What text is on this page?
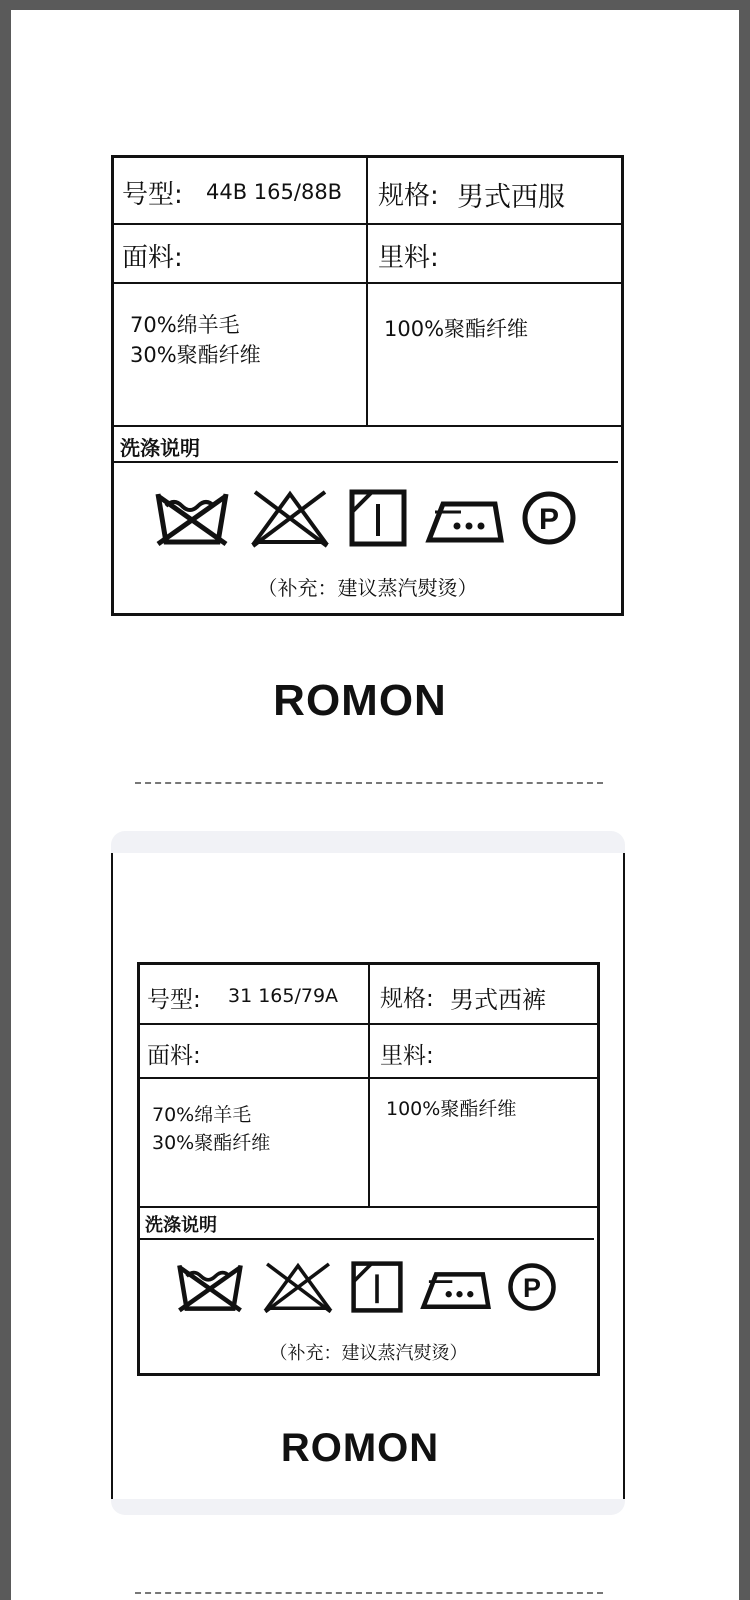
号型: 44B 165/88B 规格: 男式西服
面料:	里料:
70%绵羊毛
30%聚酯纤维
100%聚酯纤维
洗涤说明
P
（补充：建议蒸汽熨烫）
ROMON
号型: 31 165/79A 规格: 男式西裤
面料:	里料:
70%绵羊毛
30%聚酯纤维
100%聚酯纤维
洗涤说明
P
（补充：建议蒸汽熨烫）
ROMON
